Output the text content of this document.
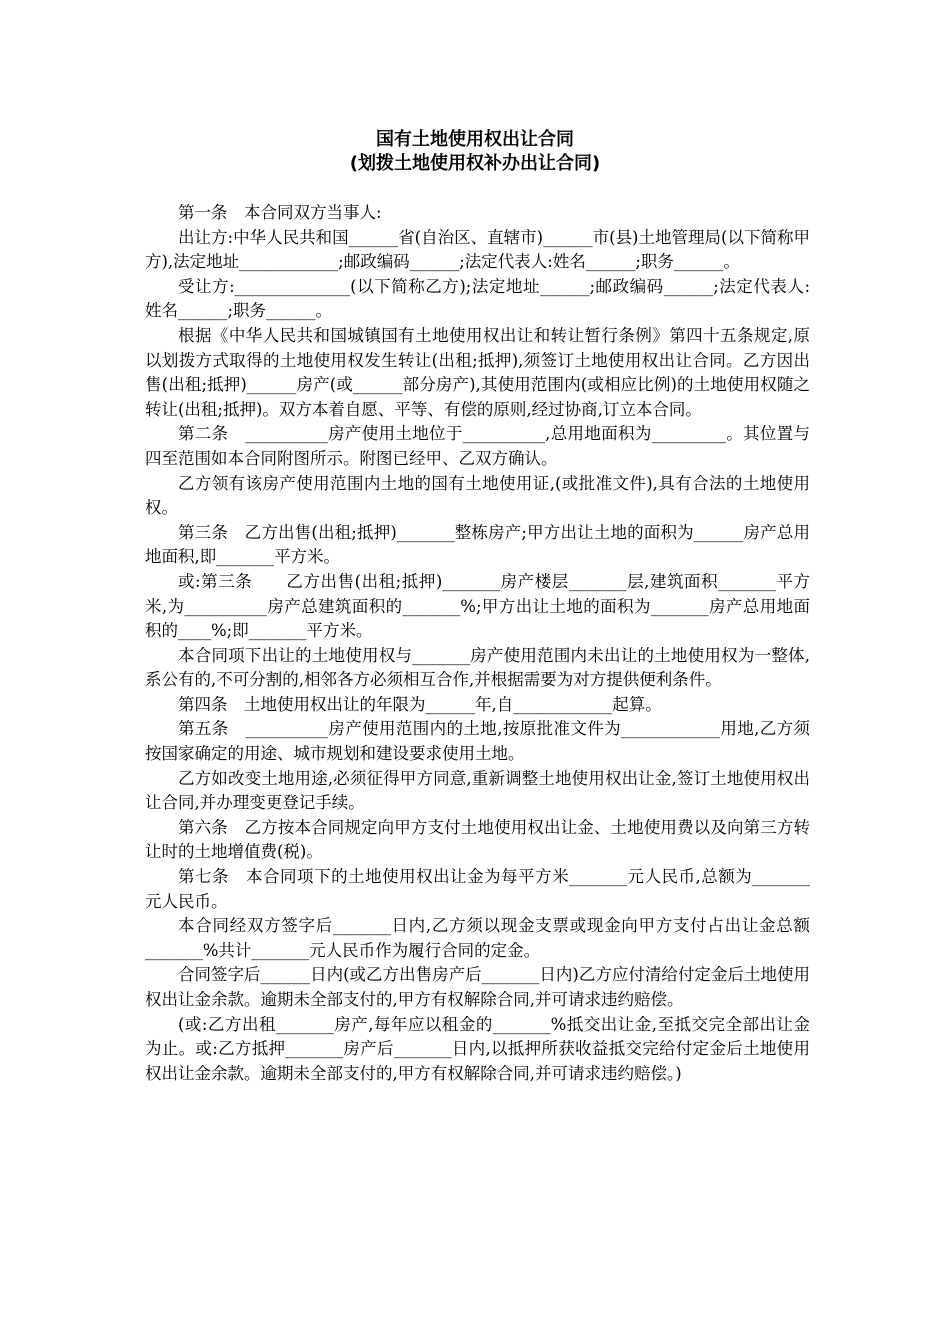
国有土地使用权出让合同
(划拨土地使用权补办出让合同)

第一条　本合同双方当事人:

出让方:中华人民共和国______省(自治区、直辖市)______市(县)土地管理局(以下简称甲方),法定地址____________;邮政编码______;法定代表人:姓名______;职务______。

受让方:______________(以下简称乙方);法定地址______;邮政编码______;法定代表人:姓名______;职务______。

根据《中华人民共和国城镇国有土地使用权出让和转让暂行条例》第四十五条规定,原以划拨方式取得的土地使用权发生转让(出租;抵押),须签订土地使用权出让合同。乙方因出售(出租;抵押)______房产(或______部分房产),其使用范围内(或相应比例)的土地使用权随之转让(出租;抵押)。双方本着自愿、平等、有偿的原则,经过协商,订立本合同。

第二条　__________房产使用土地位于__________,总用地面积为_________。其位置与四至范围如本合同附图所示。附图已经甲、乙双方确认。

乙方领有该房产使用范围内土地的国有土地使用证,(或批准文件),具有合法的土地使用权。

第三条　乙方出售(出租;抵押)_______整栋房产;甲方出让土地的面积为______房产总用地面积,即_______平方米。

或:第三条　　乙方出售(出租;抵押)_______房产楼层_______层,建筑面积_______平方米,为__________房产总建筑面积的_______%;甲方出让土地的面积为_______房产总用地面积的____%;即_______平方米。

本合同项下出让的土地使用权与_______房产使用范围内未出让的土地使用权为一整体,系公有的,不可分割的,相邻各方必须相互合作,并根据需要为对方提供便利条件。

第四条　土地使用权出让的年限为______年,自____________起算。

第五条　__________房产使用范围内的土地,按原批准文件为____________用地,乙方须按国家确定的用途、城市规划和建设要求使用土地。

乙方如改变土地用途,必须征得甲方同意,重新调整土地使用权出让金,签订土地使用权出让合同,并办理变更登记手续。

第六条　乙方按本合同规定向甲方支付土地使用权出让金、土地使用费以及向第三方转让时的土地增值费(税)。

第七条　本合同项下的土地使用权出让金为每平方米_______元人民币,总额为_______元人民币。

本合同经双方签字后_______日内,乙方须以现金支票或现金向甲方支付占出让金总额_______%共计_______元人民币作为履行合同的定金。

合同签字后______日内(或乙方出售房产后_______日内)乙方应付清给付定金后土地使用权出让金余款。逾期未全部支付的,甲方有权解除合同,并可请求违约赔偿。

(或:乙方出租_______房产,每年应以租金的_______%抵交出让金,至抵交完全部出让金为止。或:乙方抵押_______房产后_______日内,以抵押所获收益抵交完给付定金后土地使用权出让金余款。逾期未全部支付的,甲方有权解除合同,并可请求违约赔偿。)
